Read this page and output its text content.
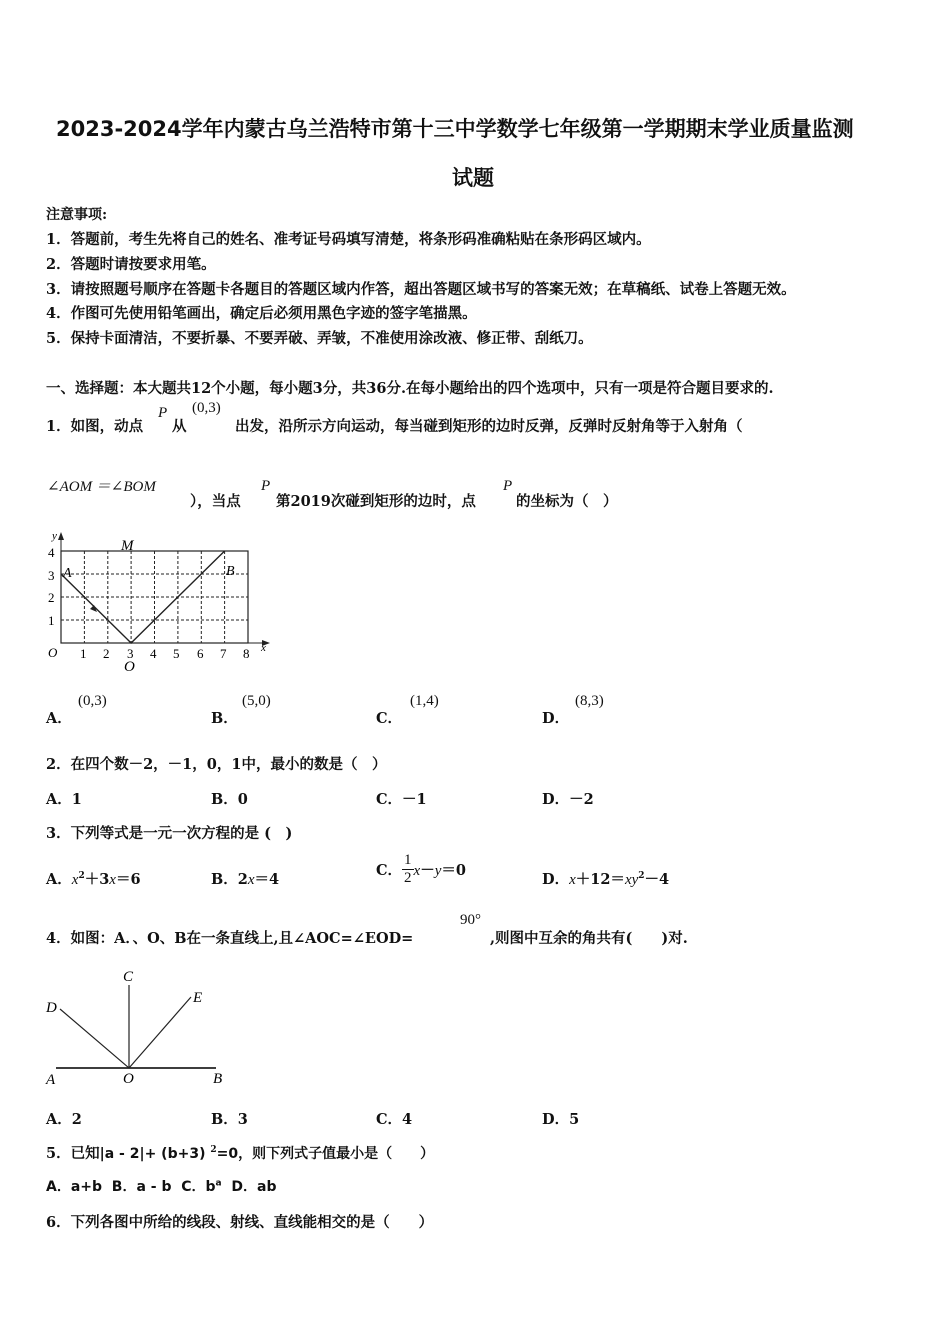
2023-2024学年内蒙古乌兰浩特市第十三中学数学七年级第一学期期末学业质量监测
试题
注意事项:
1．答题前，考生先将自己的姓名、准考证号码填写清楚，将条形码准确粘贴在条形码区域内。
2．答题时请按要求用笔。
3．请按照题号顺序在答题卡各题目的答题区域内作答，超出答题区域书写的答案无效；在草稿纸、试卷上答题无效。
4．作图可先使用铅笔画出，确定后必须用黑色字迹的签字笔描黑。
5．保持卡面清洁，不要折暴、不要弄破、弄皱，不准使用涂改液、修正带、刮纸刀。
一、选择题：本大题共12个小题，每小题3分，共36分.在每小题给出的四个选项中，只有一项是符合题目要求的.
1．如图，动点
P
从
(0,3)
出发，沿所示方向运动，每当碰到矩形的边时反弹，反弹时反射角等于入射角（
∠AOM ＝∠BOM
），当点
P
第2019次碰到矩形的边时，点
P
的坐标为（　）
y
x
O
1
2
3
4
1 2 3 4 5 6 7 8
A	B
M
O
A．
(0,3)
B．
(5,0)
C．
(1,4)
D．
(8,3)
2．在四个数－2，－1，0，1中，最小的数是（　）
A．1	B．0	C．－1	D．－2
3．下列等式是一元一次方程的是 (　)
A．$x^2+3x=6$	B．2x＝4
C． $\frac{1}{2} x-y=0$
D．$x+12=xy^2-4$
4．如图：A．、O、B在一条直线上,且∠AOC=∠EOD=
90°
,则图中互余的角共有(　　)对.
C
D
E
A	O	B
A．2	B．3	C．4	D．5
5．已知|a - 2|+ (b+3) $^2$=0，则下列式子值最小是（　　）
A．a+b B．a - b C．$b^a$ D．ab
6．下列各图中所给的线段、射线、直线能相交的是（　　）
